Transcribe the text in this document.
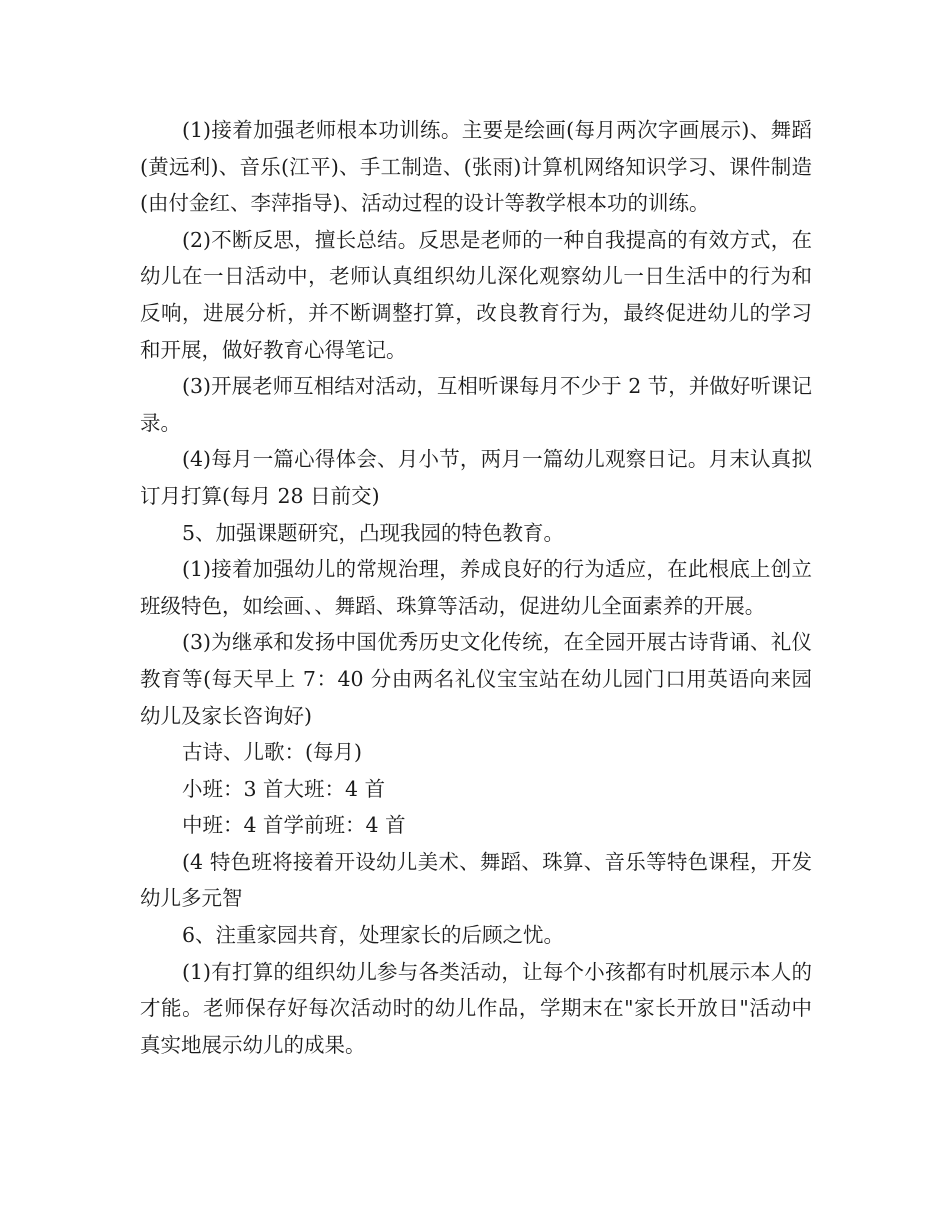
(1)接着加强老师根本功训练。主要是绘画(每月两次字画展示)、舞蹈(黄远利)、音乐(江平)、手工制造、(张雨)计算机网络知识学习、课件制造(由付金红、李萍指导)、活动过程的设计等教学根本功的训练。

(2)不断反思，擅长总结。反思是老师的一种自我提高的有效方式，在幼儿在一日活动中，老师认真组织幼儿深化观察幼儿一日生活中的行为和反响，进展分析，并不断调整打算，改良教育行为，最终促进幼儿的学习和开展，做好教育心得笔记。

(3)开展老师互相结对活动，互相听课每月不少于 2 节，并做好听课记录。

(4)每月一篇心得体会、月小节，两月一篇幼儿观察日记。月末认真拟订月打算(每月 28 日前交)

5、加强课题研究，凸现我园的特色教育。

(1)接着加强幼儿的常规治理，养成良好的行为适应，在此根底上创立班级特色，如绘画、、舞蹈、珠算等活动，促进幼儿全面素养的开展。

(3)为继承和发扬中国优秀历史文化传统，在全园开展古诗背诵、礼仪教育等(每天早上 7：40 分由两名礼仪宝宝站在幼儿园门口用英语向来园幼儿及家长咨询好)

古诗、儿歌：(每月)

小班：3 首大班：4 首

中班：4 首学前班：4 首

(4 特色班将接着开设幼儿美术、舞蹈、珠算、音乐等特色课程，开发幼儿多元智

6、注重家园共育，处理家长的后顾之忧。

(1)有打算的组织幼儿参与各类活动，让每个小孩都有时机展示本人的才能。老师保存好每次活动时的幼儿作品，学期末在"家长开放日"活动中真实地展示幼儿的成果。
